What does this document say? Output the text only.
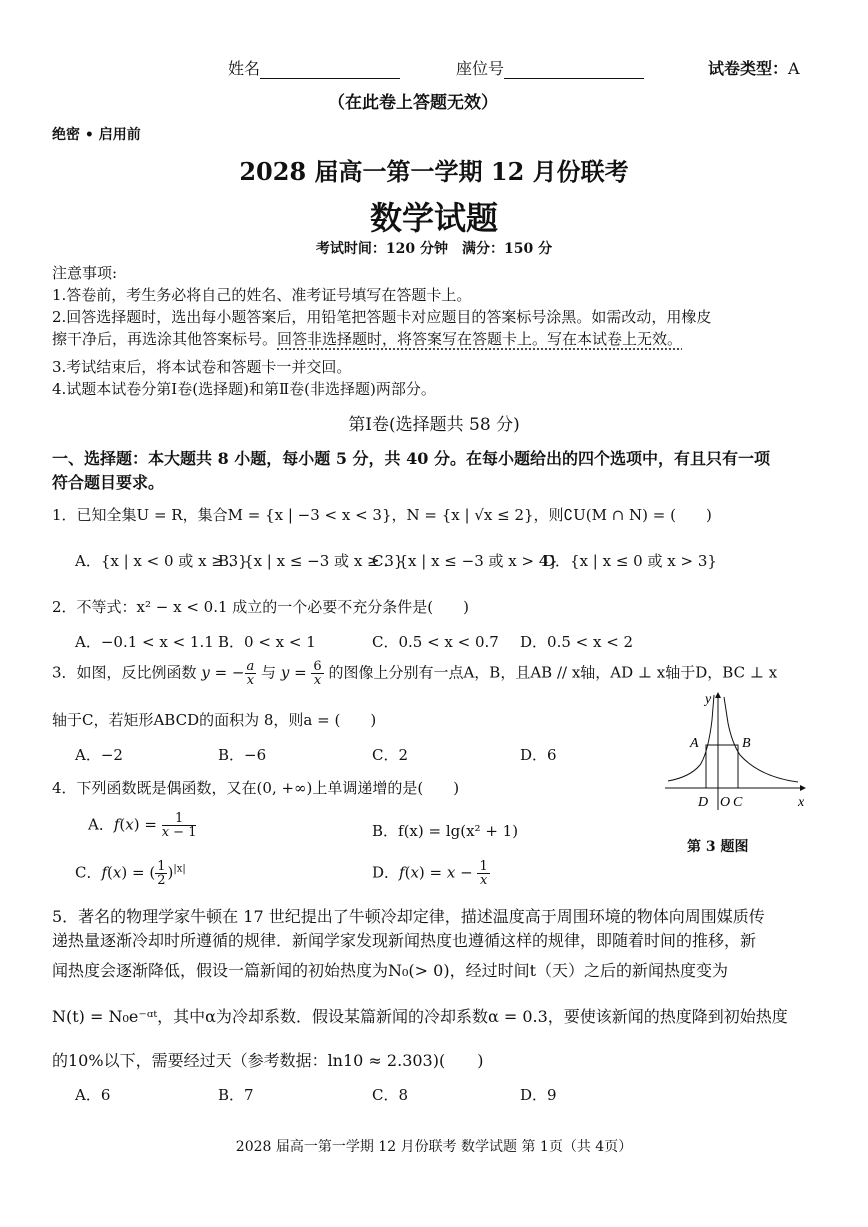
姓名	座位号	试卷类型：A
（在此卷上答题无效）
绝密 • 启用前
2028 届高一第一学期 12 月份联考
数学试题
考试时间：120 分钟　满分：150 分
注意事项:
1.答卷前，考生务必将自己的姓名、准考证号填写在答题卡上。
2.回答选择题时，选出每小题答案后，用铅笔把答题卡对应题目的答案标号涂黑。如需改动，用橡皮
擦干净后，再选涂其他答案标号。回答非选择题时，将答案写在答题卡上。写在本试卷上无效。
3.考试结束后，将本试卷和答题卡一并交回。
4.试题本试卷分第Ⅰ卷(选择题)和第Ⅱ卷(非选择题)两部分。
第Ⅰ卷(选择题共 58 分)
一、选择题：本大题共 8 小题，每小题 5 分，共 40 分。在每小题给出的四个选项中，有且只有一项
符合题目要求。
1．已知全集U = R，集合M = {x | −3 < x < 3}，N = {x | √x ≤ 2}，则∁U(M ∩ N) = (　　)
A．{x | x < 0 或 x ≥ 3}
B．{x | x ≤ −3 或 x ≥ 3}
C．{x | x ≤ −3 或 x > 4}
D．{x | x ≤ 0 或 x > 3}
2．不等式：x² − x < 0.1 成立的一个必要不充分条件是(　　)
A．−0.1 < x < 1.1 B．0 < x < 1	C．0.5 < x < 0.7 D．0.5 < x < 2
3．如图，反比例函数 y = − $\frac{a}{x}$ 与 $y = \frac{6}{x}$ 的图像上分别有一点A，B，且AB // x轴，AD ⊥ x轴于D，BC ⊥ x
轴于C，若矩形ABCD的面积为 8，则a = (　　)
A．−2	B．−6	C．2	D．6
y
x
A	B
D O C
第 3 题图
4．下列函数既是偶函数，又在(0, +∞)上单调递增的是(　　)
A．$f(x) = \frac{1}{x - 1}$	B．f(x) = lg(x² + 1)
C．f(x) = ( $\frac{1}{2} )^{|x|}$	D．$f(x) = x - \frac{1}{x}$
5．著名的物理学家牛顿在 17 世纪提出了牛顿冷却定律，描述温度高于周围环境的物体向周围媒质传
递热量逐渐冷却时所遵循的规律．新闻学家发现新闻热度也遵循这样的规律，即随着时间的推移，新
闻热度会逐渐降低，假设一篇新闻的初始热度为N₀(> 0)，经过时间t（天）之后的新闻热度变为
N(t) = N₀e⁻ᵅᵗ，其中α为冷却系数．假设某篇新闻的冷却系数α = 0.3，要使该新闻的热度降到初始热度
的10%以下，需要经过天（参考数据：ln10 ≈ 2.303)(　　)
A．6	B．7	C．8	D．9
2028 届高一第一学期 12 月份联考 数学试题 第 1页（共 4页）
